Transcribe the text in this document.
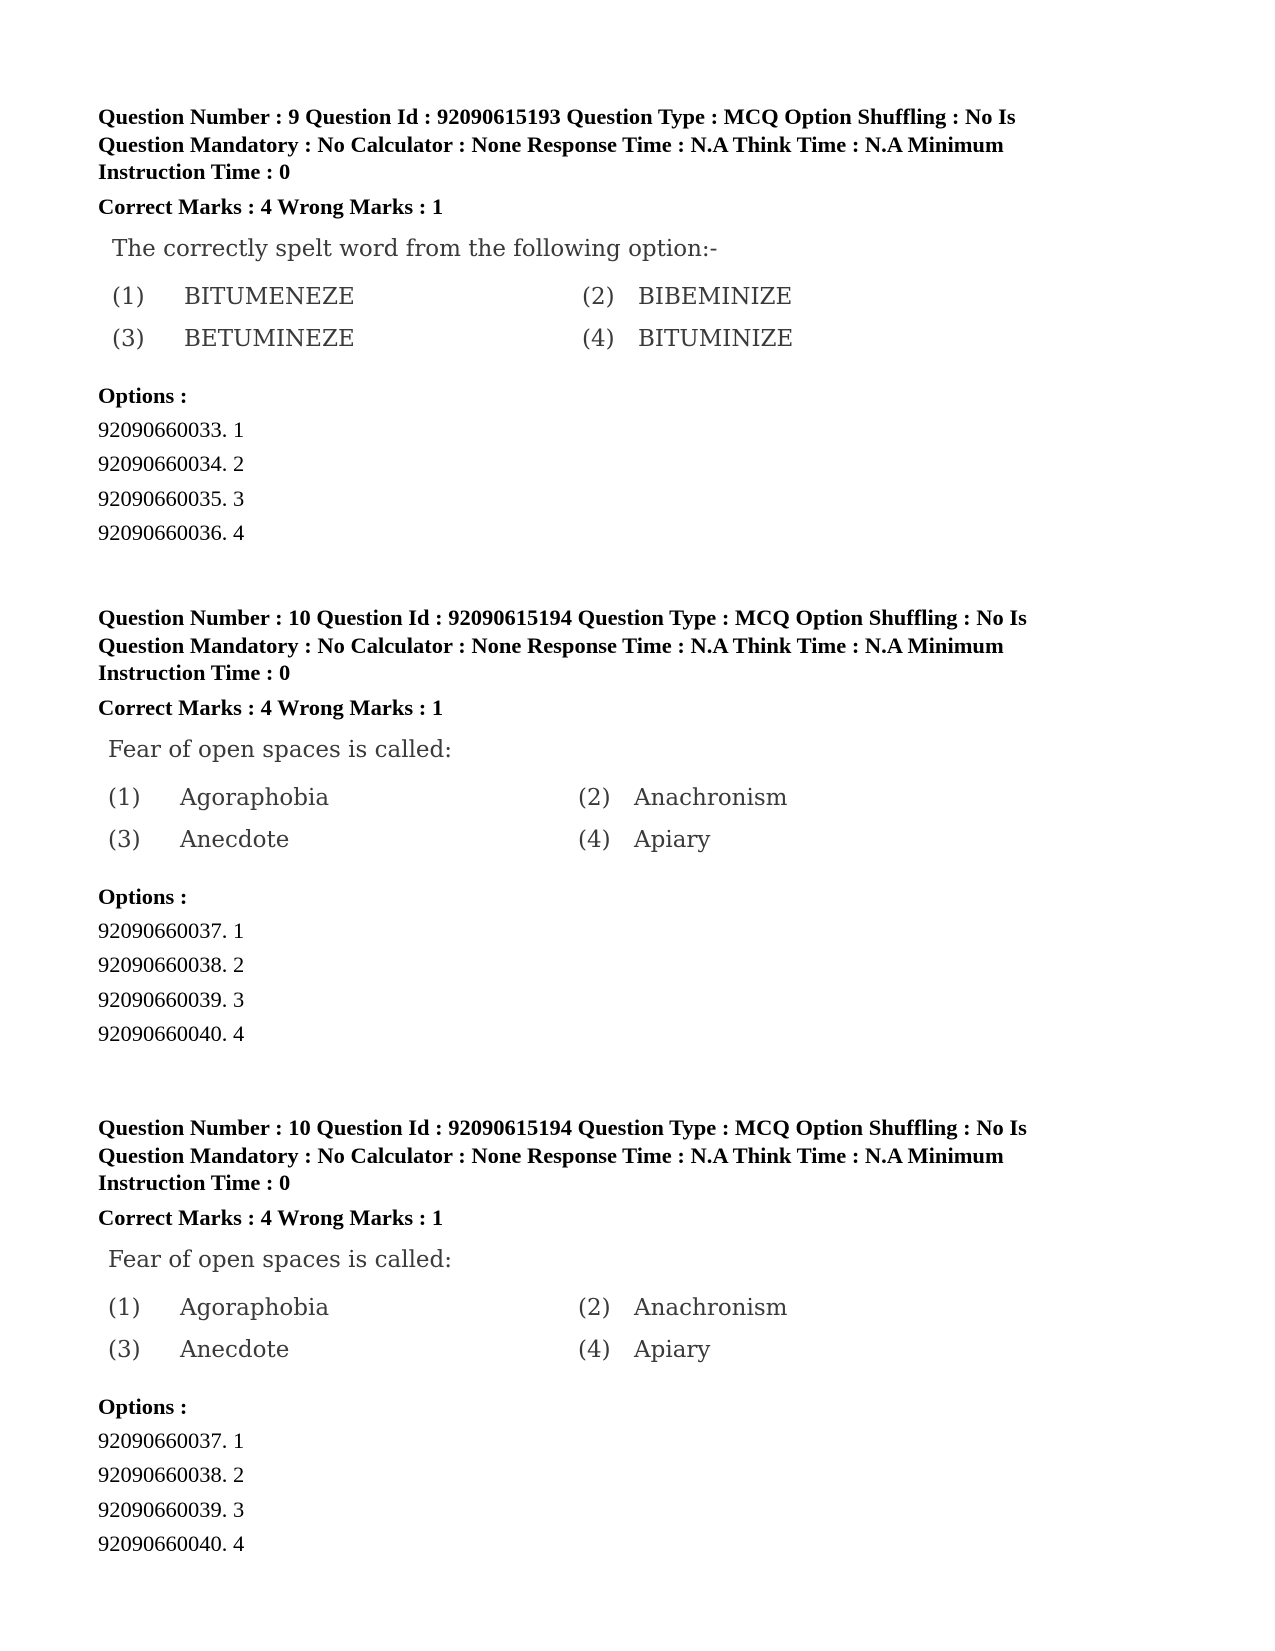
Question Number : 9 Question Id : 92090615193 Question Type : MCQ Option Shuffling : No Is
Question Mandatory : No Calculator : None Response Time : N.A Think Time : N.A Minimum
Instruction Time : 0
Correct Marks : 4 Wrong Marks : 1
The correctly spelt word from the following option:-
(1)	BITUMENEZE	(2)	BIBEMINIZE
(3)	BETUMINEZE	(4)	BITUMINIZE
Options :
92090660033. 1
92090660034. 2
92090660035. 3
92090660036. 4
Question Number : 10 Question Id : 92090615194 Question Type : MCQ Option Shuffling : No Is
Question Mandatory : No Calculator : None Response Time : N.A Think Time : N.A Minimum
Instruction Time : 0
Correct Marks : 4 Wrong Marks : 1
Fear of open spaces is called:
(1)	Agoraphobia	(2)	Anachronism
(3)	Anecdote	(4)	Apiary
Options :
92090660037. 1
92090660038. 2
92090660039. 3
92090660040. 4
Question Number : 10 Question Id : 92090615194 Question Type : MCQ Option Shuffling : No Is
Question Mandatory : No Calculator : None Response Time : N.A Think Time : N.A Minimum
Instruction Time : 0
Correct Marks : 4 Wrong Marks : 1
Fear of open spaces is called:
(1)	Agoraphobia	(2)	Anachronism
(3)	Anecdote	(4)	Apiary
Options :
92090660037. 1
92090660038. 2
92090660039. 3
92090660040. 4
